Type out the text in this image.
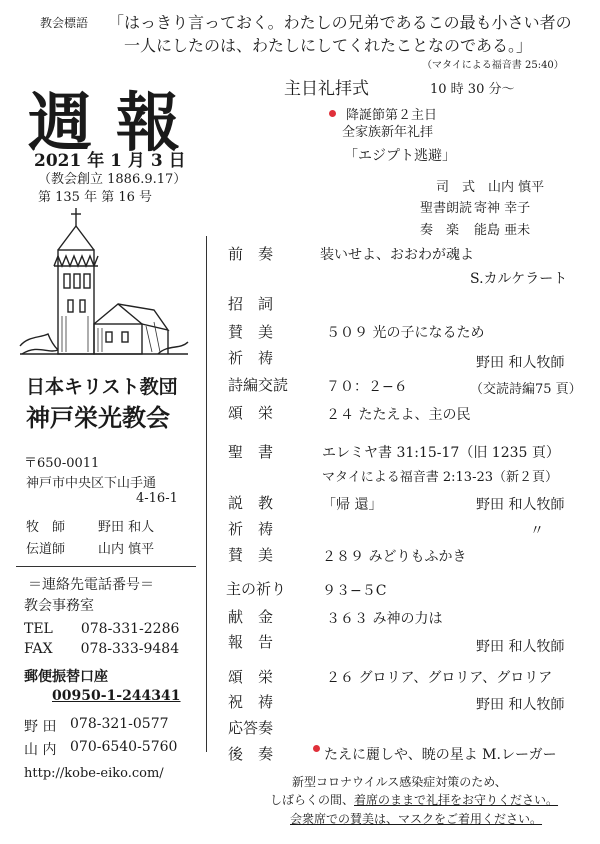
教会標語 「はっきり言っておく。わたしの兄弟であるこの最も小さい者の
一人にしたのは、わたしにしてくれたことなのである。」
（マタイによる福音書 25:40）
週 報
2021 年 1 月 3 日
（教会創立 1886.9.17）
第 135 年 第 16 号
日本キリスト教団
神戸栄光教会
〒650-0011
神戸市中央区下山手通
4-16-1
牧　師	野田 和人
伝道師	山内 慎平
＝連絡先電話番号＝
教会事務室
TEL　　078-331-2286
FAX　　078-333-9484
郵便振替口座
00950-1-244341
野 田 078-321-0577
山 内 070-6540-5760
http://kobe-eiko.com/
主日礼拝式	10 時 30 分〜
降誕節第２主日
全家族新年礼拝
「エジプト逃避」
司　式 山内 慎平
聖書朗読 寄神 幸子
奏　楽 能島 亜未
前　奏	装いせよ、おおわが魂よ
S.カルケラート
招　詞
賛　美	５０９ 光の子になるため
祈　祷	野田 和人牧師
詩編交読	７０：２−６	（交読詩編75 頁）
頌　栄	２４ たたえよ、主の民
聖　書	エレミヤ書 31:15-17（旧 1235 頁）
マタイによる福音書 2:13-23（新２頁）
説　教	「帰 還」	野田 和人牧師
祈　祷	〃
賛　美	２８９ みどりもふかき
主の祈り	９３−５C
献　金	３６３ み神の力は
報　告	野田 和人牧師
頌　栄	２６ グロリア、グロリア、グロリア
祝　祷	野田 和人牧師
応答奏
後　奏	たえに麗しや、暁の星よ M.レーガー
新型コロナウイルス感染症対策のため、
しばらくの間、着席のままで礼拝をお守りください。
会衆席での賛美は、マスクをご着用ください。
